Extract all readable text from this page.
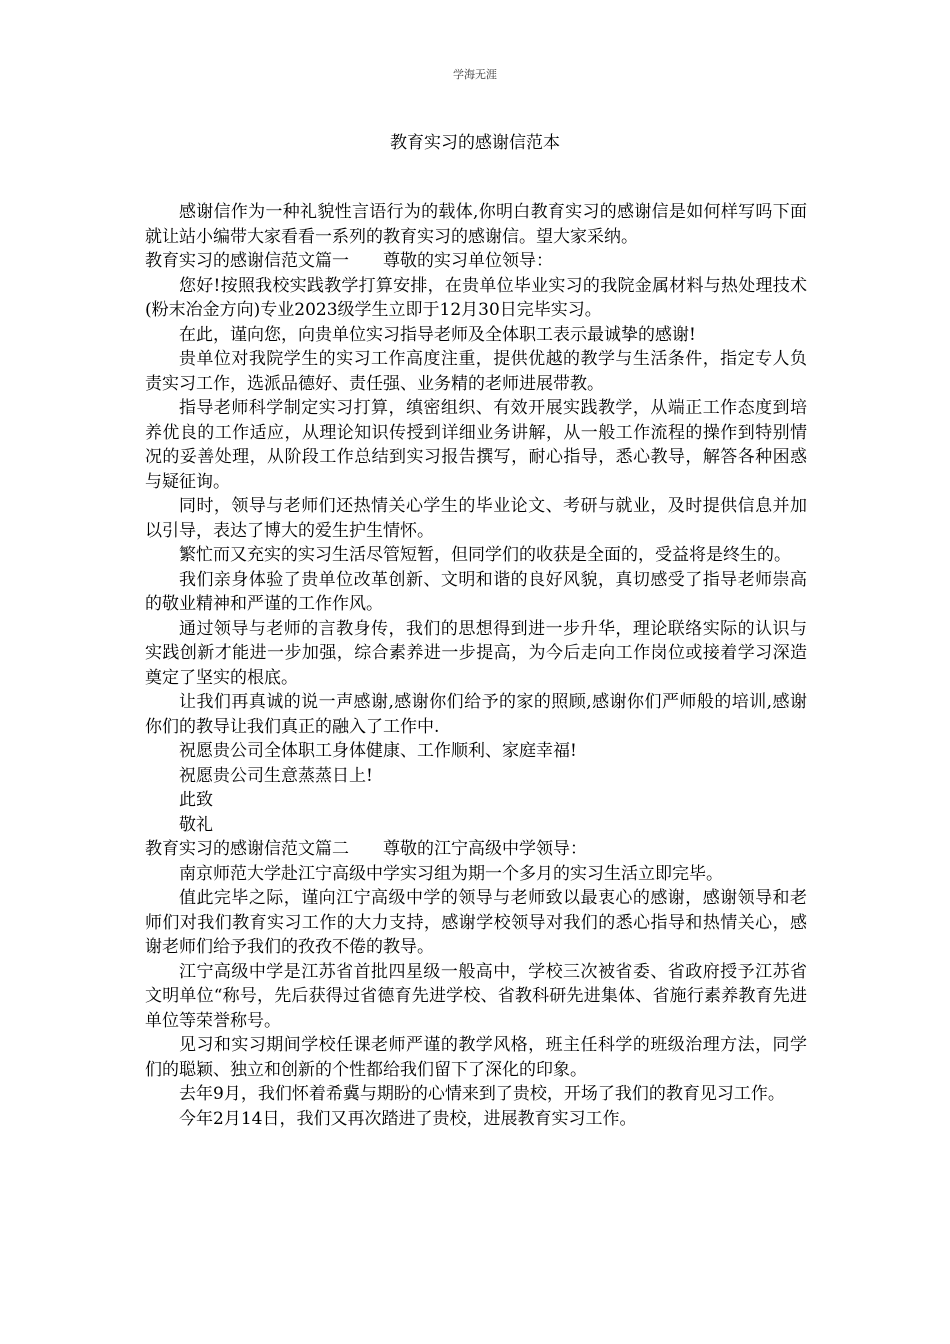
学海无涯
教育实习的感谢信范本

感谢信作为一种礼貌性言语行为的载体,你明白教育实习的感谢信是如何样写吗下面就让站小编带大家看看一系列的教育实习的感谢信。望大家采纳。

教育实习的感谢信范文篇一 尊敬的实习单位领导：

您好!按照我校实践教学打算安排，在贵单位毕业实习的我院金属材料与热处理技术(粉末冶金方向)专业2023级学生立即于12月30日完毕实习。

在此，谨向您，向贵单位实习指导老师及全体职工表示最诚挚的感谢!

贵单位对我院学生的实习工作高度注重，提供优越的教学与生活条件，指定专人负责实习工作，选派品德好、责任强、业务精的老师进展带教。

指导老师科学制定实习打算，缜密组织、有效开展实践教学，从端正工作态度到培养优良的工作适应，从理论知识传授到详细业务讲解，从一般工作流程的操作到特别情况的妥善处理，从阶段工作总结到实习报告撰写，耐心指导，悉心教导，解答各种困惑与疑征询。

同时，领导与老师们还热情关心学生的毕业论文、考研与就业，及时提供信息并加以引导，表达了博大的爱生护生情怀。

繁忙而又充实的实习生活尽管短暂，但同学们的收获是全面的，受益将是终生的。

我们亲身体验了贵单位改革创新、文明和谐的良好风貌，真切感受了指导老师崇高的敬业精神和严谨的工作作风。

通过领导与老师的言教身传，我们的思想得到进一步升华，理论联络实际的认识与实践创新才能进一步加强，综合素养进一步提高，为今后走向工作岗位或接着学习深造奠定了坚实的根底。

让我们再真诚的说一声感谢,感谢你们给予的家的照顾,感谢你们严师般的培训,感谢你们的教导让我们真正的融入了工作中.

祝愿贵公司全体职工身体健康、工作顺利、家庭幸福!

祝愿贵公司生意蒸蒸日上!

此致

敬礼

教育实习的感谢信范文篇二 尊敬的江宁高级中学领导：

南京师范大学赴江宁高级中学实习组为期一个多月的实习生活立即完毕。

值此完毕之际，谨向江宁高级中学的领导与老师致以最衷心的感谢，感谢领导和老师们对我们教育实习工作的大力支持，感谢学校领导对我们的悉心指导和热情关心，感谢老师们给予我们的孜孜不倦的教导。

江宁高级中学是江苏省首批四星级一般高中，学校三次被省委、省政府授予江苏省文明单位“称号，先后获得过省德育先进学校、省教科研先进集体、省施行素养教育先进单位等荣誉称号。

见习和实习期间学校任课老师严谨的教学风格，班主任科学的班级治理方法，同学们的聪颖、独立和创新的个性都给我们留下了深化的印象。

去年9月，我们怀着希冀与期盼的心情来到了贵校，开场了我们的教育见习工作。

今年2月14日，我们又再次踏进了贵校，进展教育实习工作。
